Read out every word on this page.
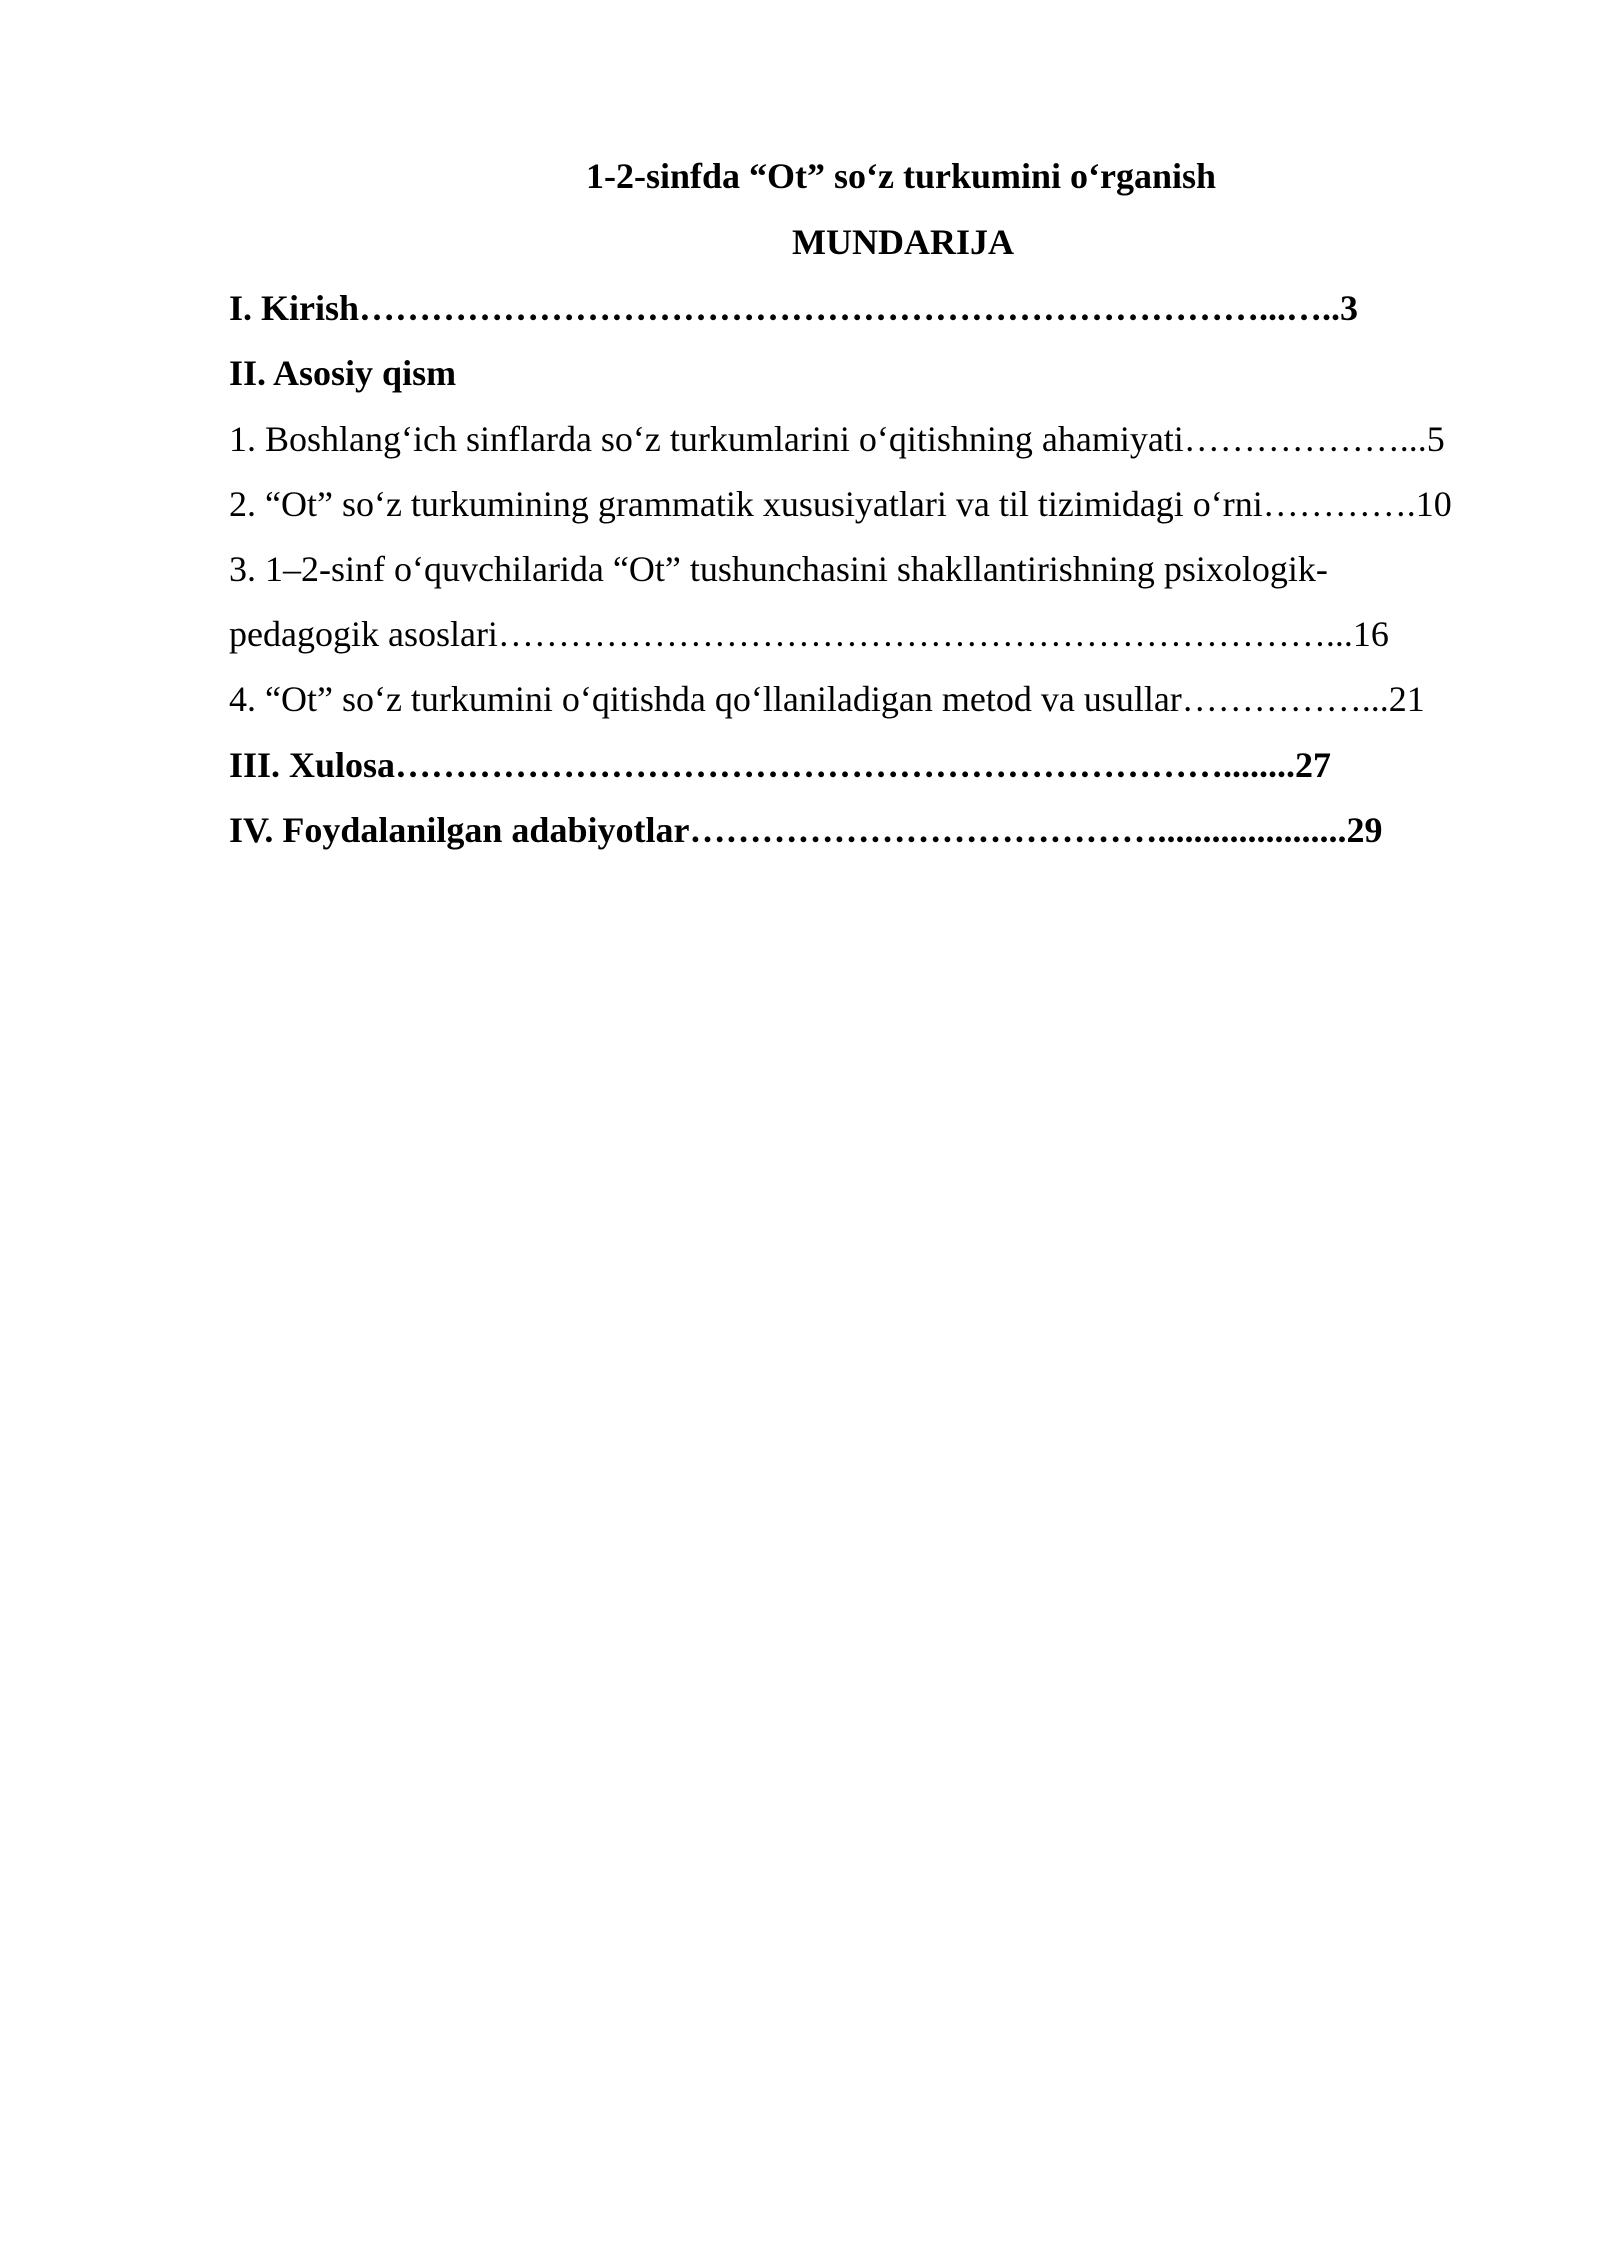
1-2-sinfda “Ot” so‘z turkumini o‘rganish

MUNDARIJA

I. Kirish…………………………………………………………………...…..3

II. Asosiy qism

1. Boshlang‘ich sinflarda so‘z turkumlarini o‘qitishning ahamiyati………………...5

2. “Ot” so‘z turkumining grammatik xususiyatlari va til tizimidagi o‘rni………….10

3. 1–2-sinf o‘quvchilarida “Ot” tushunchasini shakllantirishning psixologik-

pedagogik asoslari……………………………………………………………...16

4. “Ot” so‘z turkumini o‘qitishda qo‘llaniladigan metod va usullar……………...21

III. Xulosa……………………………………………………………........27

IV. Foydalanilgan adabiyotlar………………………………….....................29
